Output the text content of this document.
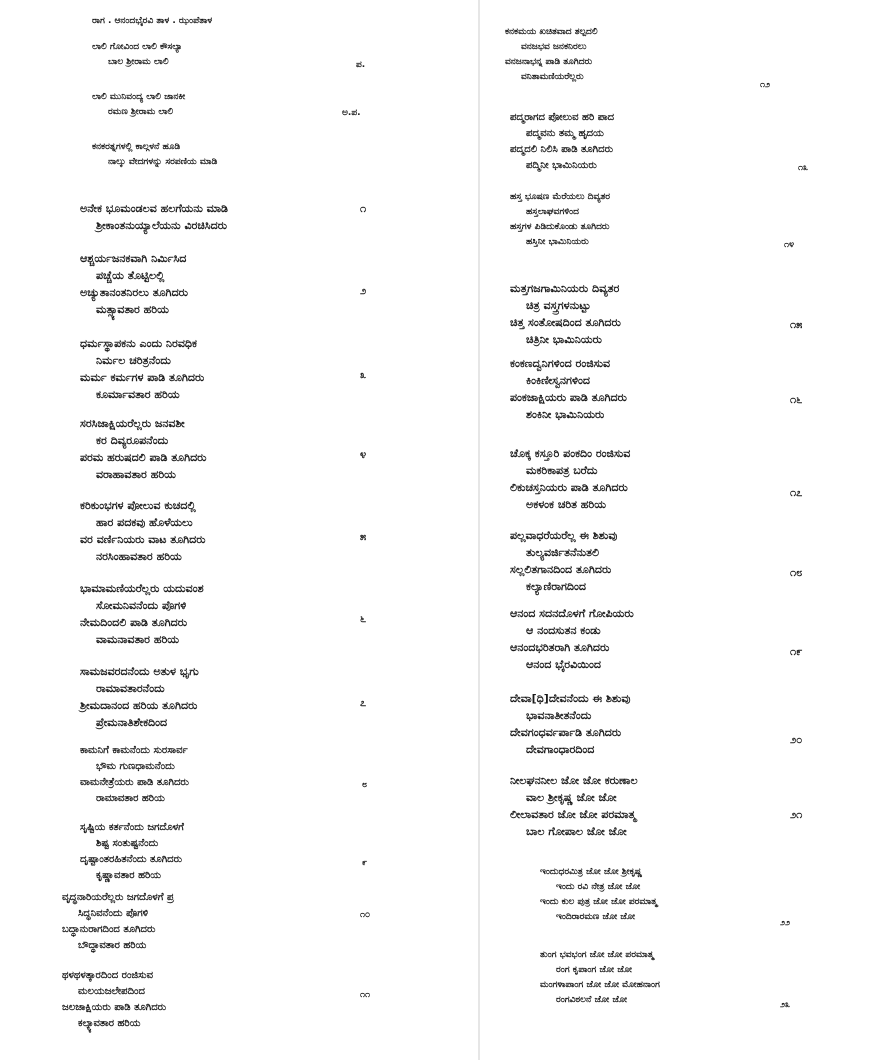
ರಾಗ . ಆನಂದಭೈರವಿ ತಾಳ . ಝಂಪೆತಾಳ
ಲಾಲಿ ಗೋವಿಂದ ಲಾಲಿ ಕೌಸಲ್ಯಾ
ಬಾಲ ಶ್ರೀರಾಮ ಲಾಲಿ	ಪ.
ಲಾಲಿ ಮುನಿವಂದ್ಯ ಲಾಲಿ ಜಾನಕೀ
ರಮಣ ಶ್ರೀರಾಮ ಲಾಲಿ	ಅ.ಪ.
ಕನಕರತ್ನಗಳಲ್ಲಿ ಕಾಲ್ಗಳನೆ ಹೂಡಿ
ನಾಲ್ಕು ವೇದಗಳನ್ನು ಸರಪಣಿಯ ಮಾಡಿ
ಅನೇಕ ಭೂಮಂಡಲವ ಹಲಗೆಯನು ಮಾಡಿ
ಶ್ರೀಕಾಂತನುಯ್ಯಾಲೆಯನು ವಿರಚಿಸಿದರು
೧
ಆಶ್ಚರ್ಯಜನಕವಾಗಿ ನಿರ್ಮಿಸಿದ
ಪಚ್ಚೆಯ ತೊಟ್ಟಿಲಲ್ಲಿ
ಅಚ್ಯುತಾನಂತನಿರಲು ತೂಗಿದರು
ಮತ್ಸ್ಯಾವತಾರ ಹರಿಯ
೨
ಧರ್ಮಸ್ಥಾಪಕನು ಎಂದು ನಿರವಧಿಕ
ನಿರ್ಮಲ ಚರಿತ್ರನೆಂದು
ಮರ್ಮ ಕರ್ಮಗಳ ಪಾಡಿ ತೂಗಿದರು
ಕೂರ್ಮಾವತಾರ ಹರಿಯ
೩
ಸರಸಿಜಾಕ್ಷಿಯರೆಲ್ಲರು ಜನವಶೀ
ಕರ ದಿವ್ಯರೂಪನೆಂದು
ಪರಮ ಹರುಷದಲಿ ಪಾಡಿ ತೂಗಿದರು
ವರಾಹಾವತಾರ ಹರಿಯ
೪
ಕರಿಕುಂಭಗಳ ಪೋಲುವ ಕುಚದಲ್ಲಿ
ಹಾರ ಪದಕವು ಹೊಳೆಯಲು
ವರ ವರ್ಣಿನಿಯರು ವಾಟ ತೂಗಿದರು
ನರಸಿಂಹಾವತಾರ ಹರಿಯ
೫
ಭಾಮಾಮಣಿಯರೆಲ್ಲರು ಯದುವಂಶ
ಸೋಮನಿವನೆಂದು ಪೊಗಳಿ
ನೇಮದಿಂದಲಿ ಪಾಡಿ ತೂಗಿದರು
ವಾಮನಾವತಾರ ಹರಿಯ
೬
ಸಾಮಜವರದನೆಂದು ಅತುಳ ಭೃಗು
ರಾಮಾವತಾರನೆಂದು
ಶ್ರೀಮದಾನಂದ ಹರಿಯ ತೂಗಿದರು
ಪ್ರೇಮನಾತಿಶೇಕದಿಂದ
೭
ಕಾಮನಿಗೆ ಕಾಮನೆಂದು ಸುರಸಾರ್ವ
ಭೌಮ ಗುಣಧಾಮನೆಂದು
ವಾಮನೇತ್ರೆಯರು ಪಾಡಿ ತೂಗಿದರು
ರಾಮಾವತಾರ ಹರಿಯ
೮
ಸೃಷ್ಟಿಯ ಕರ್ತನೆಂದು ಜಗದೊಳಗೆ
ಶಿಷ್ಟ ಸಂತುಷ್ಟನೆಂದು
ದೃಷ್ಟಾಂತರಹಿತನೆಂದು ತೂಗಿದರು
ಕೃಷ್ಣಾವತಾರ ಹರಿಯ
೯
ವೃದ್ಧನಾರಿಯರೆಲ್ಲರು ಜಗದೊಳಗೆ ಪ್ರ
ಸಿದ್ಧನಿವನೆಂದು ಪೊಗಳಿ
ಬದ್ಧಾನುರಾಗದಿಂದ ತೂಗಿದರು
ಬೌದ್ಧಾವತಾರ ಹರಿಯ
೧೦
ಥಳಥಳತ್ಕಾರದಿಂದ ರಂಜಿಸುವ
ಮಲಯಜಲೇಪದಿಂದ
ಜಲಜಾಕ್ಷಿಯರು ಪಾಡಿ ತೂಗಿದರು
ಕಲ್ಕ್ಯಾವತಾರ ಹರಿಯ
೧೧
ಕನಕಮಯ ಖಚಿತವಾದ ತಲ್ಪದಲಿ
ವನಜಭವ ಜನಕನಿರಲು
ವನಜನಾಭನ್ನ ಪಾಡಿ ತೂಗಿದರು
ವನಿತಾಮಣಿಯರೆಲ್ಲರು
೧೨
ಪದ್ಮರಾಗದ ಪೋಲುವ ಹರಿ ಪಾದ
ಪದ್ಮವನು ತಮ್ಮ ಹೃದಯ
ಪದ್ಮದಲಿ ನಿಲಿಸಿ ಪಾಡಿ ತೂಗಿದರು
ಪದ್ಮಿನೀ ಭಾಮಿನಿಯರು	೧೩
ಹಸ್ತ ಭೂಷಣ ಮೆರೆಯಲು ದಿವ್ಯತರ
ಹಸ್ತಲಾಘವಗಳಿಂದ
ಹಸ್ತಗಳ ಪಿಡಿದುಕೊಂಡು ತೂಗಿದರು
ಹಸ್ತಿನೀ ಭಾಮಿನಿಯರು	೧೪
ಮತ್ತಗಜಗಾಮಿನಿಯರು ದಿವ್ಯತರ
ಚಿತ್ರ ವಸ್ತ್ರಗಳನುಟ್ಟು
ಚಿತ್ತ ಸಂತೋಷದಿಂದ ತೂಗಿದರು
ಚಿತ್ರಿನೀ ಭಾಮಿನಿಯರು
೧೫
ಕಂಕಣದ್ವನಿಗಳಿಂದ ರಂಜಿಸುವ
ಕಿಂಕಿಣೀಸ್ವನಗಳಿಂದ
ಪಂಕಜಾಕ್ಷಿಯರು ಪಾಡಿ ತೂಗಿದರು
ಶಂಕಿನೀ ಭಾಮಿನಿಯರು
೧೬
ಚೊಕ್ಕ ಕಸ್ತೂರಿ ಪಂಕದಿಂ ರಂಜಿಸುವ
ಮಕರಿಕಾಪತ್ರ ಬರೆದು
ಲಿಕುಚಸ್ತನಿಯರು ಪಾಡಿ ತೂಗಿದರು
ಅಕಳಂಕ ಚರಿತ ಹರಿಯ
೧೭
ಪಲ್ಲವಾಧರೆಯರೆಲ್ಲ ಈ ಶಿಶುವು
ತುಲ್ಯವರ್ಜಿತನೆನುತಲಿ
ಸಲ್ಲಲಿತಗಾನದಿಂದ ತೂಗಿದರು
ಕಲ್ಯಾಣಿರಾಗದಿಂದ
೧೮
ಆನಂದ ಸದನದೊಳಗೆ ಗೋಪಿಯರು
ಆ ನಂದಸುತನ ಕಂಡು
ಆನಂದಭರಿತರಾಗಿ ತೂಗಿದರು
ಆನಂದ ಭೈರವಿಯಿಂದ
೧೯
ದೇವಾ[ಧಿ]ದೇವನೆಂದು ಈ ಶಿಶುವು
ಭಾವನಾತೀತನೆಂದು
ದೇವಗಂಧರ್ವರ್ಪಾಡಿ ತೂಗಿದರು
ದೇವಗಾಂಧಾರದಿಂದ
೨೦
ನೀಲಘನನೀಲ ಜೋ ಜೋ ಕರುಣಾಲ
ವಾಲ ಶ್ರೀಕೃಷ್ಣ ಜೋ ಜೋ
ಲೀಲಾವತಾರ ಜೋ ಜೋ ಪರಮಾತ್ಮ
ಬಾಲ ಗೋಪಾಲ ಜೋ ಜೋ
೨೧
ಇಂದುಧರಮಿತ್ರ ಜೋ ಜೋ ಶ್ರೀಕೃಷ್ಣ
ಇಂದು ರವಿ ನೇತ್ರ ಜೋ ಜೋ
ಇಂದು ಕುಲ ಪುತ್ರ ಜೋ ಜೋ ಪರಮಾತ್ಮ
ಇಂದಿರಾರಮಣ ಜೋ ಜೋ
೨೨
ತುಂಗ ಭವಭಂಗ ಜೋ ಜೋ ಪರಮಾತ್ಮ
ರಂಗ ಕೃಪಾಂಗ ಜೋ ಜೋ
ಮಂಗಳಾಪಾಂಗ ಜೋ ಜೋ ಮೋಹನಾಂಗ
ರಂಗವಿಠಲನೆ ಜೋ ಜೋ	೨೩
